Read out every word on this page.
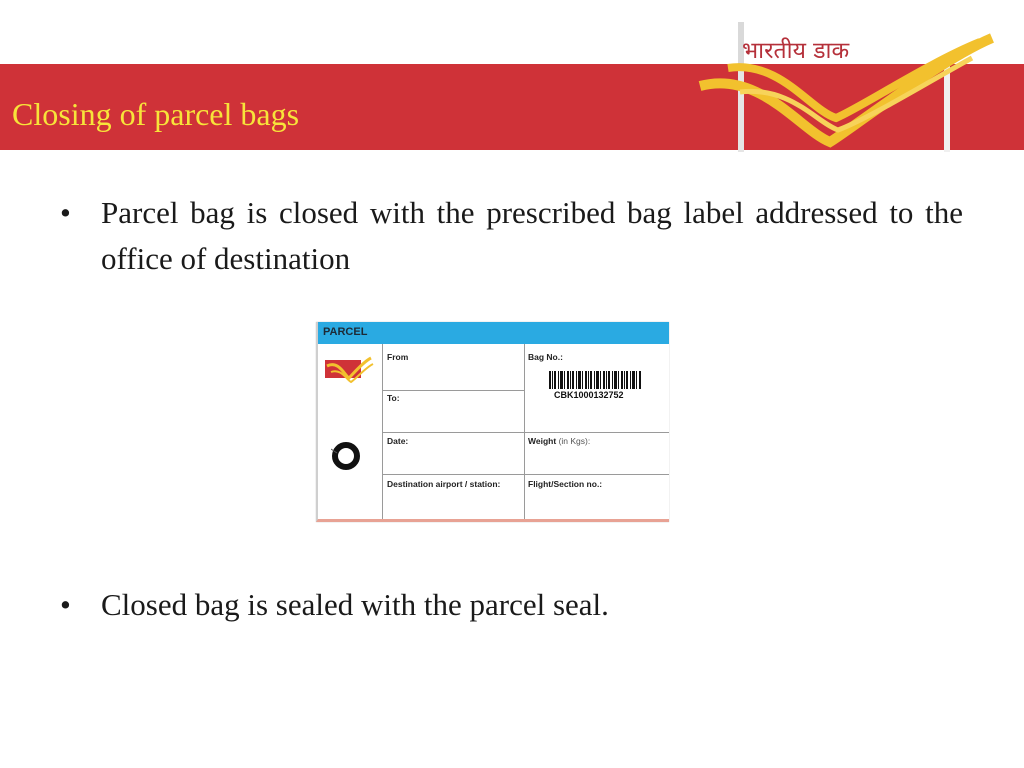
भारतीय डाक
Closing of parcel bags
• Parcel bag is closed with the prescribed bag label addressed to the office of destination
PARCEL
From
To:
Date:
Destination airport / station:
Bag No.:
CBK1000132752
Weight (in Kgs):
Flight/Section no.:
• Closed bag is sealed with the parcel seal.
